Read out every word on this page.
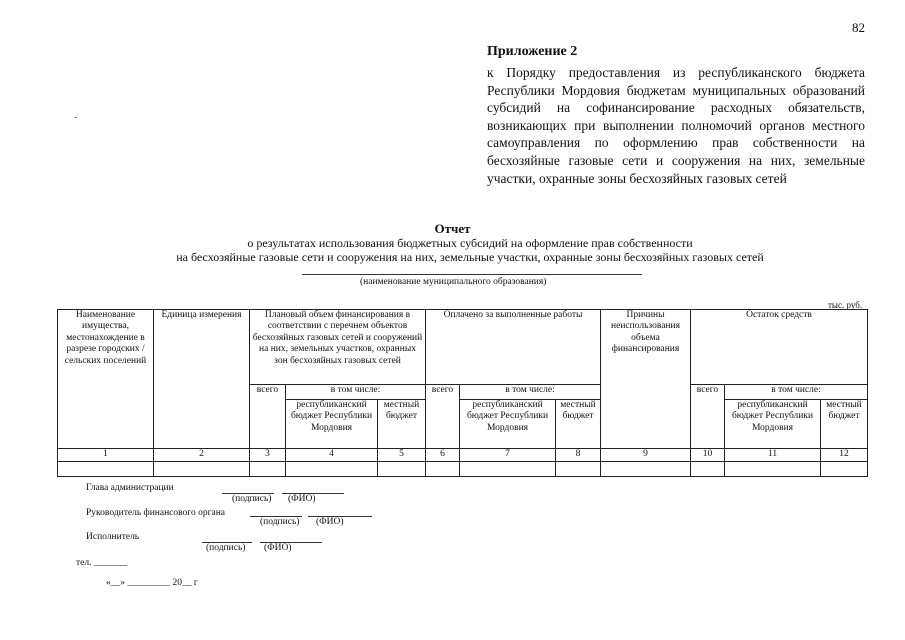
82
Приложение 2
к Порядку предоставления из республиканского бюджета Республики Мордовия бюджетам муниципальных образований субсидий на софинансирование расходных обязательств, возникающих при выполнении полномочий органов местного самоуправления по оформлению прав собственности на бесхозяйные газовые сети и сооружения на них, земельные участки, охранные зоны бесхозяйных газовых сетей
-
Отчет
о результатах использования бюджетных субсидий на оформление прав собственности
на бесхозяйные газовые сети и сооружения на них, земельные участки, охранные зоны бесхозяйных газовых сетей
(наименование муниципального образования)
тыс. руб.
Наименование имущества, местонахождение в разрезе городских / сельских поселений	Единица измерения	Плановый объем финансирования в соответствии с перечнем объектов бесхозяйных газовых сетей и сооружений на них, земельных участков, охранных зон бесхозяйных газовых сетей			Оплачено за выполненные работы			Причины неиспользования объема финансирования	Остаток средств		
		всего	в том числе:		всего	в том числе:			всего	в том числе:	
			республиканский бюджет Республики Мордовия	местный бюджет		республиканский бюджет Республики Мордовия	местный бюджет			республиканский бюджет Республики Мордовия	местный бюджет
1	2	3	4	5	6	7	8	9	10	11	12

Глава администрации
(подпись) (ФИО)
Руководитель финансового органа
(подпись) (ФИО)
Исполнитель
(подпись) (ФИО)
тел. _______
«__» _________ 20__ г
